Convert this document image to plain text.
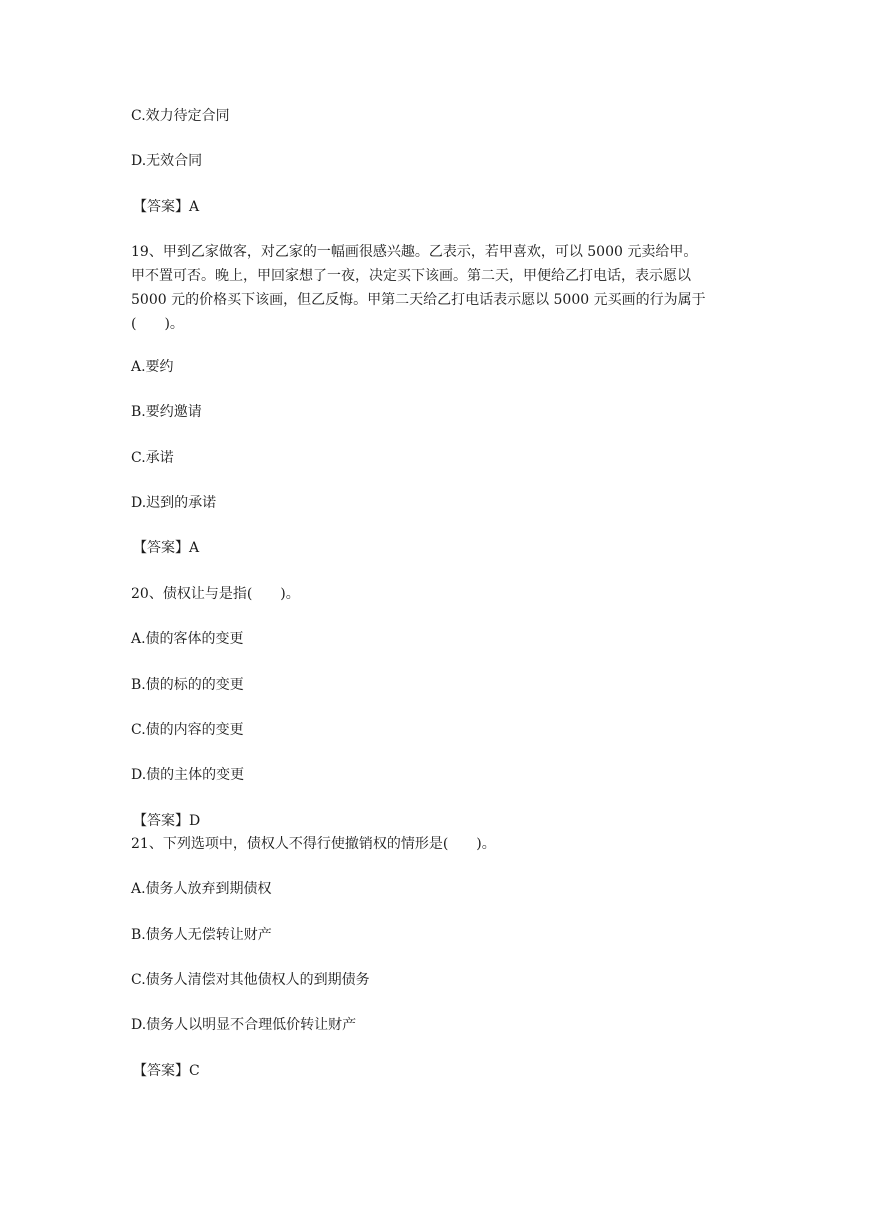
C.效力待定合同

D.无效合同

【答案】A

19、甲到乙家做客，对乙家的一幅画很感兴趣。乙表示，若甲喜欢，可以 5000 元卖给甲。

甲不置可否。晚上，甲回家想了一夜，决定买下该画。第二天，甲便给乙打电话，表示愿以

5000 元的价格买下该画，但乙反悔。甲第二天给乙打电话表示愿以 5000 元买画的行为属于

(　　)。

A.要约

B.要约邀请

C.承诺

D.迟到的承诺

【答案】A

20、债权让与是指(　　)。

A.债的客体的变更

B.债的标的的变更

C.债的内容的变更

D.债的主体的变更

【答案】D

21、下列选项中，债权人不得行使撤销权的情形是(　　)。

A.债务人放弃到期债权

B.债务人无偿转让财产

C.债务人清偿对其他债权人的到期债务

D.债务人以明显不合理低价转让财产

【答案】C
